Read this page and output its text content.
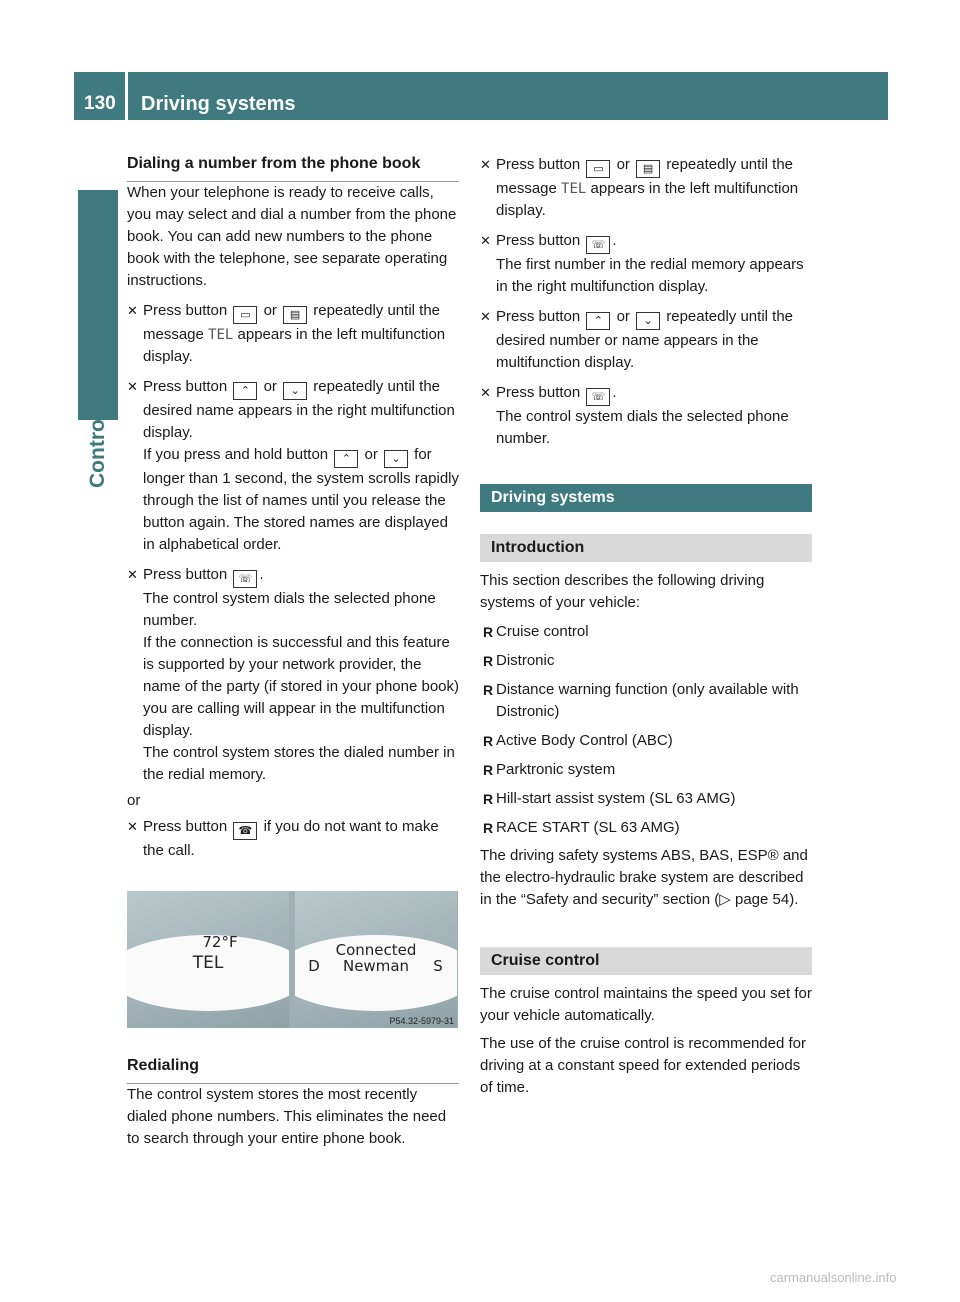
130	Driving systems
Controls in detail

Dialing a number from the phone book

When your telephone is ready to receive calls, you may select and dial a number from the phone book. You can add new numbers to the phone book with the telephone, see separate operating instructions.

✕ Press button ▭ or ▤ repeatedly until the message TEL appears in the left multifunction display.
✕ Press button ⌃ or ⌄ repeatedly until the desired name appears in the right multifunction display.

If you press and hold button ⌃ or ⌄ for longer than 1 second, the system scrolls rapidly through the list of names until you release the button again. The stored names are displayed in alphabetical order.

✕ Press button ☏ .

The control system dials the selected phone number.

If the connection is successful and this feature is supported by your network provider, the name of the party (if stored in your phone book) you are calling will appear in the multifunction display.

The control system stores the dialed number in the redial memory.

or

✕ Press button ☎ if you do not want to make the call.
72°F
TEL
Connected
Newman
D	S
P54.32-5979-31

Redialing

The control system stores the most recently dialed phone numbers. This eliminates the need to search through your entire phone book.

✕ Press button ▭ or ▤ repeatedly until the message TEL appears in the left multifunction display.
✕ Press button ☏ .

The first number in the redial memory appears in the right multifunction display.

✕ Press button ⌃ or ⌄ repeatedly until the desired number or name appears in the multifunction display.
✕ Press button ☏ .

The control system dials the selected phone number.

Driving systems
Introduction

This section describes the following driving systems of your vehicle:

R Cruise control
R Distronic
R Distance warning function (only available with Distronic)
R Active Body Control (ABC)
R Parktronic system
R Hill-start assist system (SL 63 AMG)
R RACE START (SL 63 AMG)

The driving safety systems ABS, BAS, ESP® and the electro-hydraulic brake system are described in the “Safety and security” section (▷ page 54).

Cruise control

The cruise control maintains the speed you set for your vehicle automatically.

The use of the cruise control is recommended for driving at a constant speed for extended periods of time.

carmanualsonline.info
